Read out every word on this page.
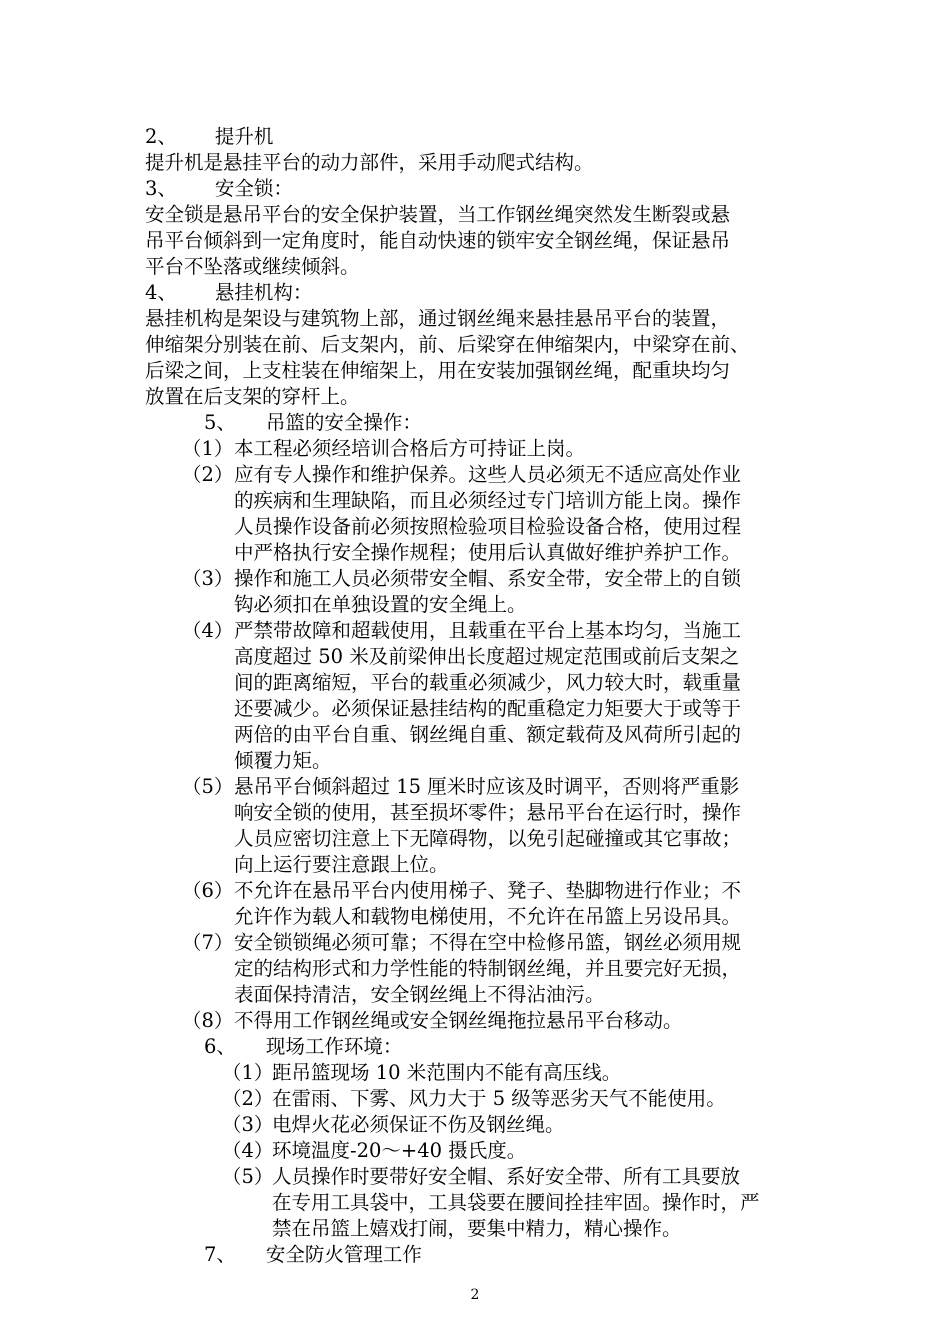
2、 提升机
提升机是悬挂平台的动力部件，采用手动爬式结构。
3、 安全锁：
安全锁是悬吊平台的安全保护装置，当工作钢丝绳突然发生断裂或悬
吊平台倾斜到一定角度时，能自动快速的锁牢安全钢丝绳，保证悬吊
平台不坠落或继续倾斜。
4、 悬挂机构：
悬挂机构是架设与建筑物上部，通过钢丝绳来悬挂悬吊平台的装置，
伸缩架分别装在前、后支架内，前、后梁穿在伸缩架内，中梁穿在前、
后梁之间，上支柱装在伸缩架上，用在安装加强钢丝绳，配重块均匀
放置在后支架的穿杆上。
5、 吊篮的安全操作：
（1） 本工程必须经培训合格后方可持证上岗。
（2） 应有专人操作和维护保养。这些人员必须无不适应高处作业
的疾病和生理缺陷，而且必须经过专门培训方能上岗。操作
人员操作设备前必须按照检验项目检验设备合格，使用过程
中严格执行安全操作规程；使用后认真做好维护养护工作。
（3） 操作和施工人员必须带安全帽、系安全带，安全带上的自锁
钩必须扣在单独设置的安全绳上。
（4） 严禁带故障和超载使用，且载重在平台上基本均匀，当施工
高度超过 50 米及前梁伸出长度超过规定范围或前后支架之
间的距离缩短，平台的载重必须减少，风力较大时，载重量
还要减少。必须保证悬挂结构的配重稳定力矩要大于或等于
两倍的由平台自重、钢丝绳自重、额定载荷及风荷所引起的
倾覆力矩。
（5） 悬吊平台倾斜超过 15 厘米时应该及时调平，否则将严重影
响安全锁的使用，甚至损坏零件；悬吊平台在运行时，操作
人员应密切注意上下无障碍物，以免引起碰撞或其它事故；
向上运行要注意跟上位。
（6） 不允许在悬吊平台内使用梯子、凳子、垫脚物进行作业；不
允许作为载人和载物电梯使用，不允许在吊篮上另设吊具。
（7） 安全锁锁绳必须可靠；不得在空中检修吊篮，钢丝必须用规
定的结构形式和力学性能的特制钢丝绳，并且要完好无损，
表面保持清洁，安全钢丝绳上不得沾油污。
（8） 不得用工作钢丝绳或安全钢丝绳拖拉悬吊平台移动。
6、 现场工作环境：
（1）
距吊篮现场 10 米范围内不能有高压线。
（2）
在雷雨、下雾、风力大于 5 级等恶劣天气不能使用。
（3）
电焊火花必须保证不伤及钢丝绳。
（4）
环境温度-20～+40 摄氏度。
（5）
人员操作时要带好安全帽、系好安全带、所有工具要放
在专用工具袋中，工具袋要在腰间拴挂牢固。操作时，严
禁在吊篮上嬉戏打闹，要集中精力，精心操作。
7、 安全防火管理工作
2
